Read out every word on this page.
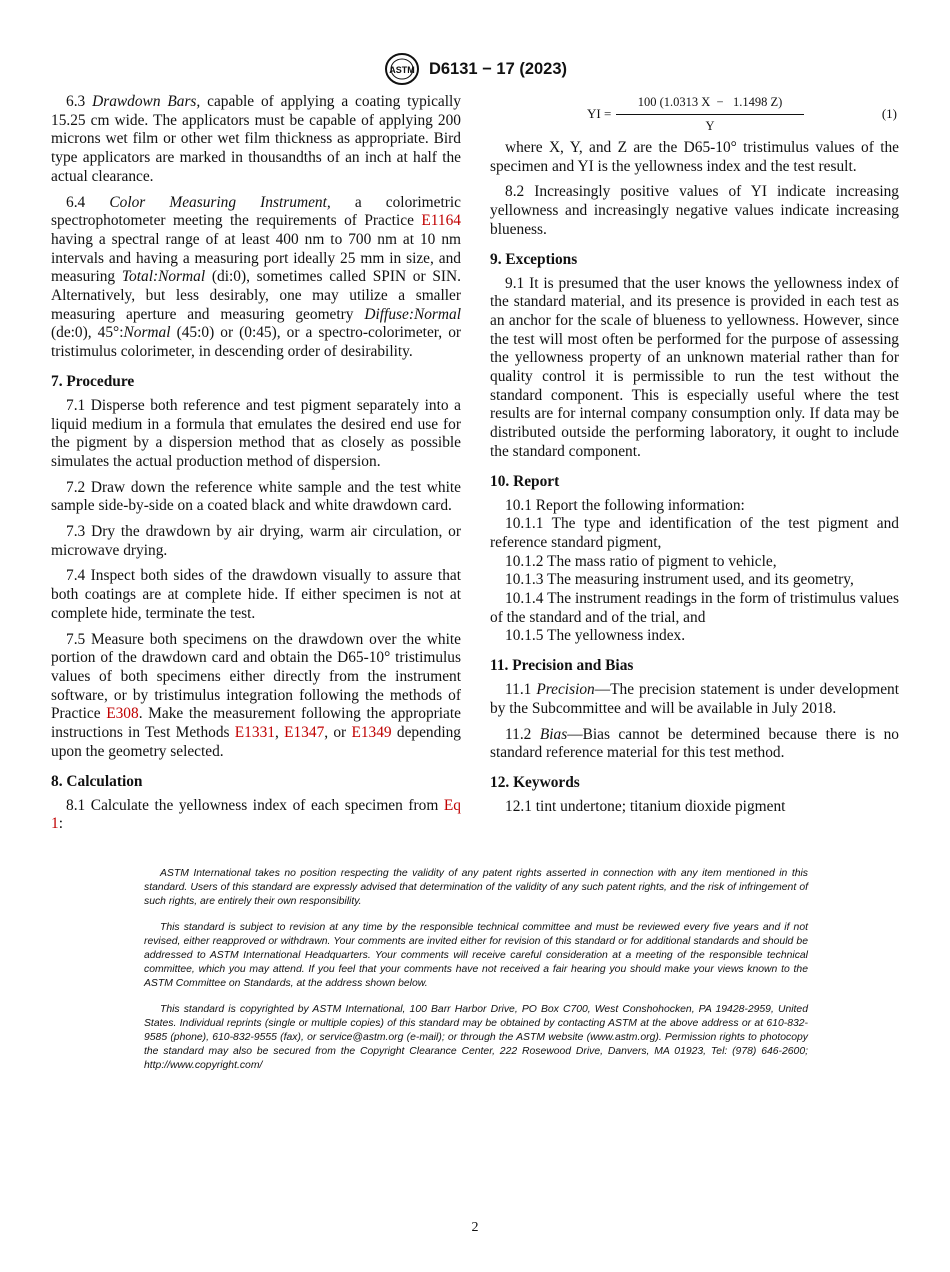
ASTM D6131 − 17 (2023)

6.3 Drawdown Bars, capable of applying a coating typically 15.25 cm wide. The applicators must be capable of applying 200 microns wet film or other wet film thickness as appropriate. Bird type applicators are marked in thousandths of an inch at half the actual clearance.

6.4 Color Measuring Instrument, a colorimetric spectrophotometer meeting the requirements of Practice E1164 having a spectral range of at least 400 nm to 700 nm at 10 nm intervals and having a measuring port ideally 25 mm in size, and measuring Total:Normal (di:0), sometimes called SPIN or SIN. Alternatively, but less desirably, one may utilize a smaller measuring aperture and measuring geometry Diffuse:Normal (de:0), 45°:Normal (45:0) or (0:45), or a spectro-colorimeter, or tristimulus colorimeter, in descending order of desirability.

7. Procedure

7.1 Disperse both reference and test pigment separately into a liquid medium in a formula that emulates the desired end use for the pigment by a dispersion method that as closely as possible simulates the actual production method of dispersion.

7.2 Draw down the reference white sample and the test white sample side-by-side on a coated black and white drawdown card.

7.3 Dry the drawdown by air drying, warm air circulation, or microwave drying.

7.4 Inspect both sides of the drawdown visually to assure that both coatings are at complete hide. If either specimen is not at complete hide, terminate the test.

7.5 Measure both specimens on the drawdown over the white portion of the drawdown card and obtain the D65-10° tristimulus values of both specimens either directly from the instrument software, or by tristimulus integration following the methods of Practice E308. Make the measurement following the appropriate instructions in Test Methods E1331, E1347, or E1349 depending upon the geometry selected.

8. Calculation

8.1 Calculate the yellowness index of each specimen from Eq 1:

YI = $\frac{100 (1.0313 X - 1.1498 Z)}{Y}$	(1)

where X, Y, and Z are the D65-10° tristimulus values of the specimen and YI is the yellowness index and the test result.

8.2 Increasingly positive values of YI indicate increasing yellowness and increasingly negative values indicate increasing blueness.

9. Exceptions

9.1 It is presumed that the user knows the yellowness index of the standard material, and its presence is provided in each test as an anchor for the scale of blueness to yellowness. However, since the test will most often be performed for the purpose of assessing the yellowness property of an unknown material rather than for quality control it is permissible to run the test without the standard component. This is especially useful where the test results are for internal company consumption only. If data may be distributed outside the performing laboratory, it ought to include the standard component.

10. Report

10.1 Report the following information:

10.1.1 The type and identification of the test pigment and reference standard pigment,

10.1.2 The mass ratio of pigment to vehicle,

10.1.3 The measuring instrument used, and its geometry,

10.1.4 The instrument readings in the form of tristimulus values of the standard and of the trial, and

10.1.5 The yellowness index.

11. Precision and Bias

11.1 Precision—The precision statement is under development by the Subcommittee and will be available in July 2018.

11.2 Bias—Bias cannot be determined because there is no standard reference material for this test method.

12. Keywords

12.1 tint undertone; titanium dioxide pigment

ASTM International takes no position respecting the validity of any patent rights asserted in connection with any item mentioned in this standard. Users of this standard are expressly advised that determination of the validity of any such patent rights, and the risk of infringement of such rights, are entirely their own responsibility.

This standard is subject to revision at any time by the responsible technical committee and must be reviewed every five years and if not revised, either reapproved or withdrawn. Your comments are invited either for revision of this standard or for additional standards and should be addressed to ASTM International Headquarters. Your comments will receive careful consideration at a meeting of the responsible technical committee, which you may attend. If you feel that your comments have not received a fair hearing you should make your views known to the ASTM Committee on Standards, at the address shown below.

This standard is copyrighted by ASTM International, 100 Barr Harbor Drive, PO Box C700, West Conshohocken, PA 19428-2959, United States. Individual reprints (single or multiple copies) of this standard may be obtained by contacting ASTM at the above address or at 610-832-9585 (phone), 610-832-9555 (fax), or service@astm.org (e-mail); or through the ASTM website (www.astm.org). Permission rights to photocopy the standard may also be secured from the Copyright Clearance Center, 222 Rosewood Drive, Danvers, MA 01923, Tel: (978) 646-2600; http://www.copyright.com/

2
